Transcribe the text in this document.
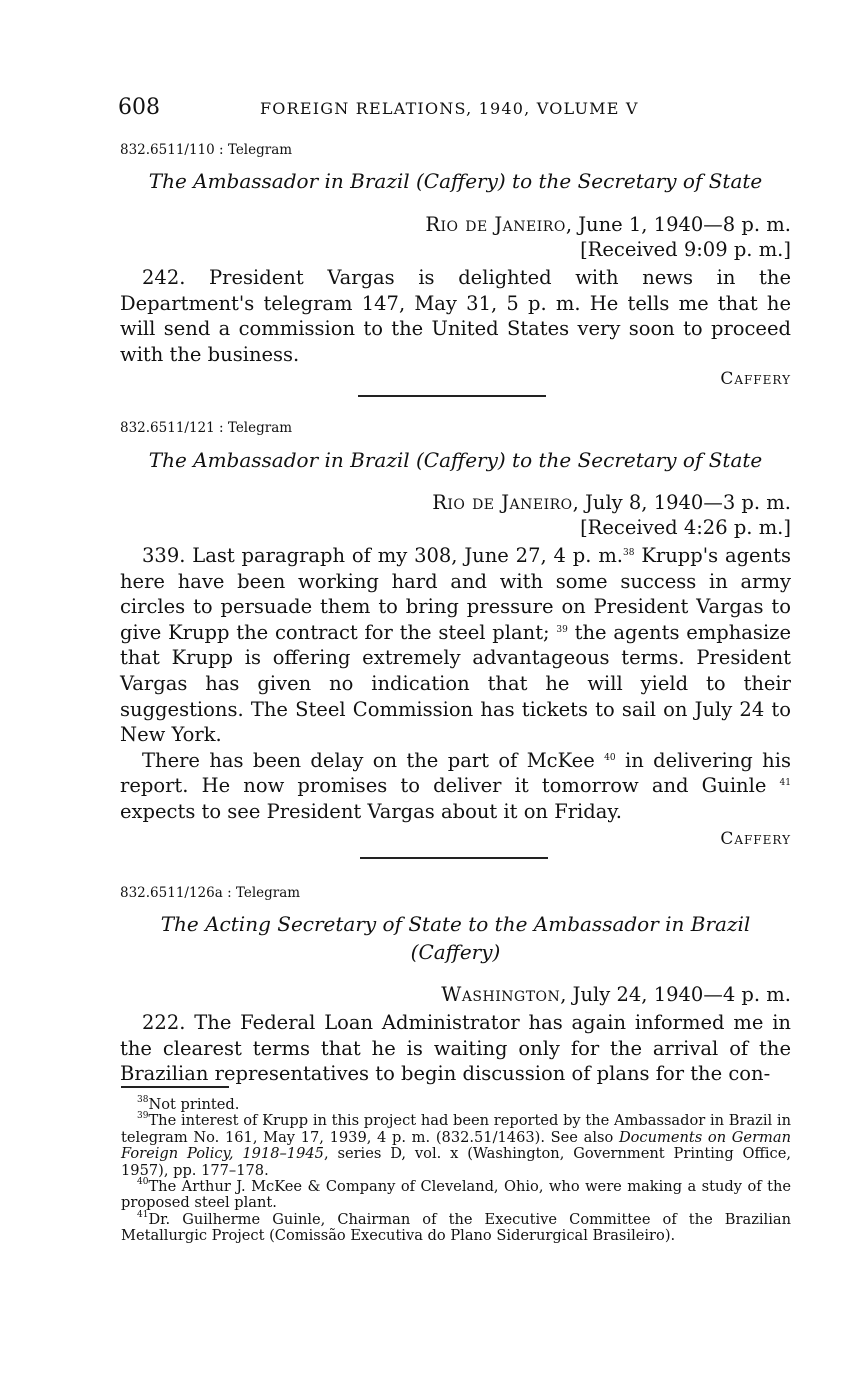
608	FOREIGN RELATIONS, 1940, VOLUME V

832.6511/110 : Telegram

The Ambassador in Brazil (Caffery) to the Secretary of State

Rio de Janeiro, June 1, 1940—8 p. m.

[Received 9:09 p. m.]

242. President Vargas is delighted with news in the Department's telegram 147, May 31, 5 p. m. He tells me that he will send a commission to the United States very soon to proceed with the business.

Caffery

832.6511/121 : Telegram

The Ambassador in Brazil (Caffery) to the Secretary of State

Rio de Janeiro, July 8, 1940—3 p. m.

[Received 4:26 p. m.]

339. Last paragraph of my 308, June 27, 4 p. m.$^{38}$ Krupp's agents here have been working hard and with some success in army circles to persuade them to bring pressure on President Vargas to give Krupp the contract for the steel plant; $^{39}$ the agents emphasize that Krupp is offering extremely advantageous terms. President Vargas has given no indication that he will yield to their suggestions. The Steel Commission has tickets to sail on July 24 to New York.

There has been delay on the part of McKee $^{40}$ in delivering his report. He now promises to deliver it tomorrow and Guinle $^{41}$ expects to see President Vargas about it on Friday.

Caffery

832.6511/126a : Telegram

The Acting Secretary of State to the Ambassador in Brazil (Caffery)

Washington, July 24, 1940—4 p. m.

222. The Federal Loan Administrator has again informed me in the clearest terms that he is waiting only for the arrival of the Brazilian representatives to begin discussion of plans for the con-

$^{38}$Not printed.

$^{39}$The interest of Krupp in this project had been reported by the Ambassador in Brazil in telegram No. 161, May 17, 1939, 4 p. m. (832.51/1463). See also Documents on German Foreign Policy, 1918–1945, series D, vol. x (Washington, Government Printing Office, 1957), pp. 177–178.

$^{40}$The Arthur J. McKee & Company of Cleveland, Ohio, who were making a study of the proposed steel plant.

$^{41}$Dr. Guilherme Guinle, Chairman of the Executive Committee of the Brazilian Metallurgic Project (Comissão Executiva do Plano Siderurgical Brasileiro).
